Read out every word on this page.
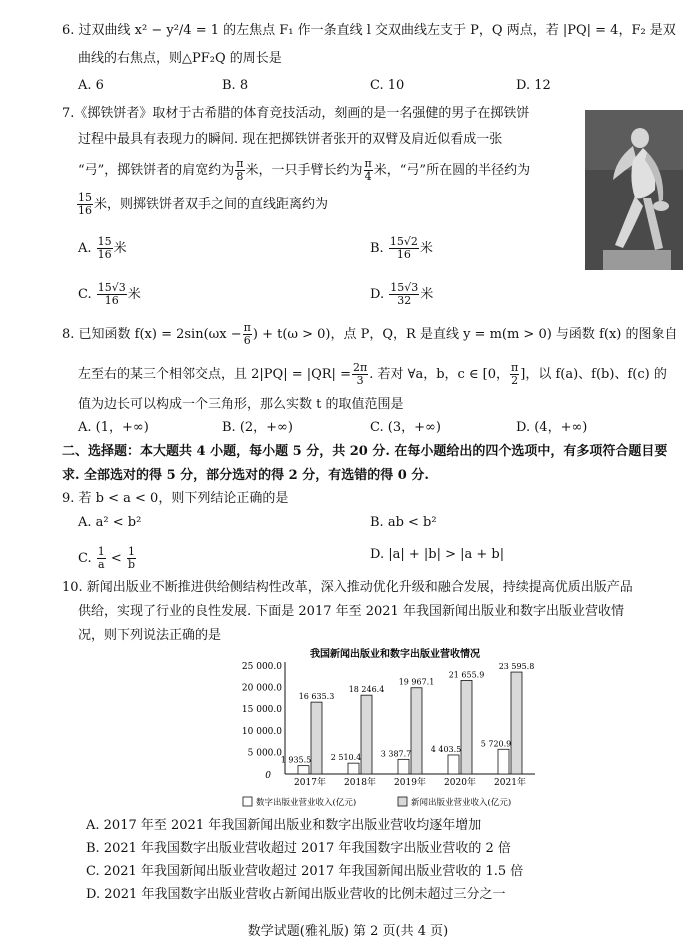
6. 过双曲线 x² − y²/4 = 1 的左焦点 F₁ 作一条直线 l 交双曲线左支于 P，Q 两点，若 |PQ| = 4，F₂ 是双
曲线的右焦点，则△PF₂Q 的周长是
A. 6	B. 8	C. 10	D. 12
7.《掷铁饼者》取材于古希腊的体育竞技活动，刻画的是一名强健的男子在掷铁饼
过程中最具有表现力的瞬间. 现在把掷铁饼者张开的双臂及肩近似看成一张
“弓”，掷铁饼者的肩宽约为 $\frac{\pi}{8}$ 米，一只手臂长约为 $\frac{\pi}{4}$ 米，“弓”所在圆的半径约为
$\frac{15}{16}$ 米，则掷铁饼者双手之间的直线距离约为
A. $\frac{15}{16}$ 米	B. $\frac{15√2}{16}$ 米
C. $\frac{15√3}{16}$ 米	D. $\frac{15√3}{32}$ 米
8. 已知函数 $f(x) = 2\sin(\omega x - \frac{\pi}{6}$ ) + t(ω > 0)，点 P，Q，R 是直线 y = m(m > 0) 与函数 f(x) 的图象自
左至右的某三个相邻交点，且 $2|PQ| = |QR| = \frac{2\pi}{3}$ . 若对 ∀a，b，c ∈ [0， $\frac{\pi}{2}$ ]，以 f(a)、f(b)、f(c) 的
值为边长可以构成一个三角形，那么实数 t 的取值范围是
A. (1，+∞)	B. (2，+∞)	C. (3，+∞)	D. (4，+∞)
二、选择题：本大题共 4 小题，每小题 5 分，共 20 分. 在每小题给出的四个选项中，有多项符合题目要
求. 全部选对的得 5 分，部分选对的得 2 分，有选错的得 0 分.
9. 若 b < a < 0，则下列结论正确的是
A. a² < b²	B. ab < b²
C. $\frac{1}{a} < \frac{1}{b}$	D. |a| + |b| > |a + b|
10. 新闻出版业不断推进供给侧结构性改革，深入推动优化升级和融合发展，持续提高优质出版产品
供给，实现了行业的良性发展. 下面是 2017 年至 2021 年我国新闻出版业和数字出版业营收情
况，则下列说法正确的是
我国新闻出版业和数字出版业营收情况
25 000.0
20 000.0
15 000.0
10 000.0
5 000.0
0
1 935.5
16 635.3
2017年
2 510.4
18 246.4
2018年
3 387.7
19 967.1
2019年
4 403.5
21 655.9
2020年
5 720.9
23 595.8
2021年
数字出版业营业收入(亿元)	新闻出版业营业收入(亿元)
A. 2017 年至 2021 年我国新闻出版业和数字出版业营收均逐年增加
B. 2021 年我国数字出版业营收超过 2017 年我国数字出版业营收的 2 倍
C. 2021 年我国新闻出版业营收超过 2017 年我国新闻出版业营收的 1.5 倍
D. 2021 年我国数字出版业营收占新闻出版业营收的比例未超过三分之一
数学试题(雅礼版) 第 2 页(共 4 页)
